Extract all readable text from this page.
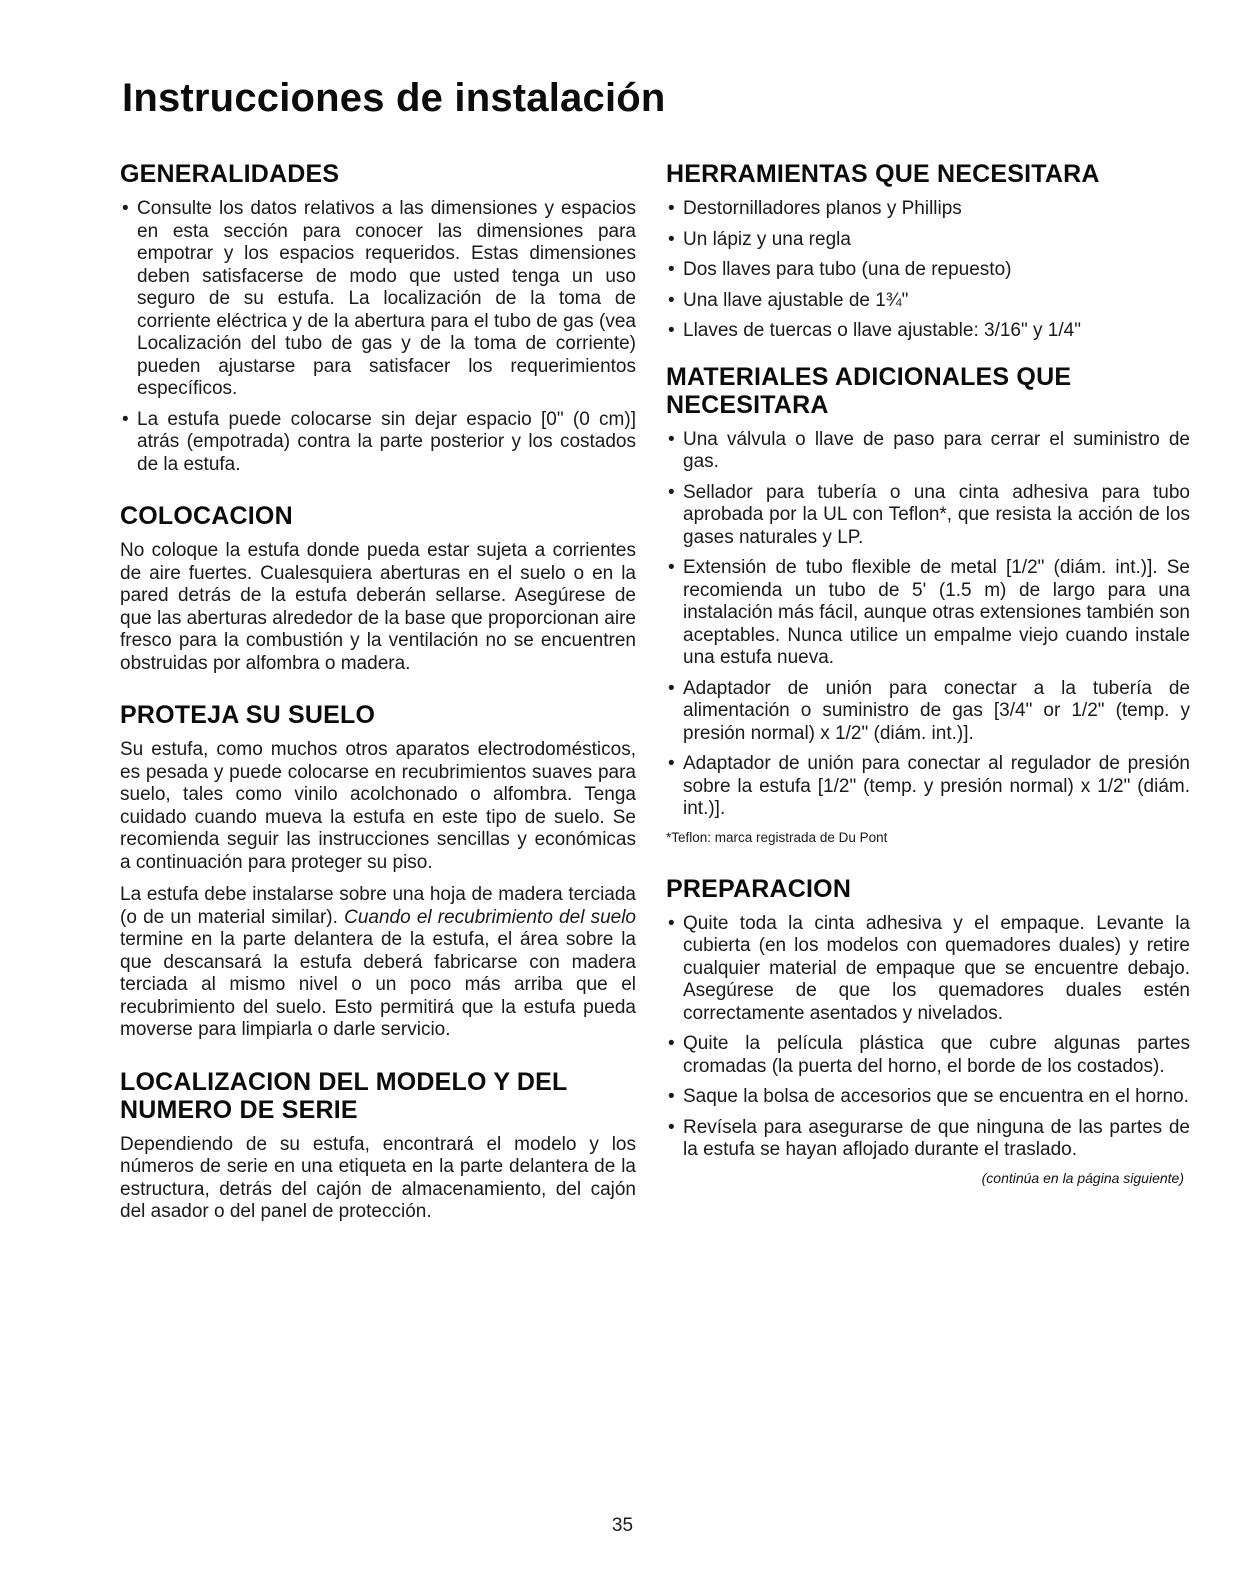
Instrucciones de instalación
GENERALIDADES
• Consulte los datos relativos a las dimensiones y espacios en esta sección para conocer las dimensiones para empotrar y los espacios requeridos. Estas dimensiones deben satisfacerse de modo que usted tenga un uso seguro de su estufa. La localización de la toma de corriente eléctrica y de la abertura para el tubo de gas (vea Localización del tubo de gas y de la toma de corriente) pueden ajustarse para satisfacer los requerimientos específicos.
• La estufa puede colocarse sin dejar espacio [0" (0 cm)] atrás (empotrada) contra la parte posterior y los costados de la estufa.
COLOCACION

No coloque la estufa donde pueda estar sujeta a corrientes de aire fuertes. Cualesquiera aberturas en el suelo o en la pared detrás de la estufa deberán sellarse. Asegúrese de que las aberturas alrededor de la base que proporcionan aire fresco para la combustión y la ventilación no se encuentren obstruidas por alfombra o madera.

PROTEJA SU SUELO

Su estufa, como muchos otros aparatos electrodomésticos, es pesada y puede colocarse en recubrimientos suaves para suelo, tales como vinilo acolchonado o alfombra. Tenga cuidado cuando mueva la estufa en este tipo de suelo. Se recomienda seguir las instrucciones sencillas y económicas a continuación para proteger su piso.

La estufa debe instalarse sobre una hoja de madera terciada (o de un material similar). Cuando el recubrimiento del suelo termine en la parte delantera de la estufa, el área sobre la que descansará la estufa deberá fabricarse con madera terciada al mismo nivel o un poco más arriba que el recubrimiento del suelo. Esto permitirá que la estufa pueda moverse para limpiarla o darle servicio.

LOCALIZACION DEL MODELO Y DEL NUMERO DE SERIE

Dependiendo de su estufa, encontrará el modelo y los números de serie en una etiqueta en la parte delantera de la estructura, detrás del cajón de almacenamiento, del cajón del asador o del panel de protección.

HERRAMIENTAS QUE NECESITARA
• Destornilladores planos y Phillips
• Un lápiz y una regla
• Dos llaves para tubo (una de repuesto)
• Una llave ajustable de 1¾"
• Llaves de tuercas o llave ajustable: 3/16" y 1/4"
MATERIALES ADICIONALES QUE NECESITARA
• Una válvula o llave de paso para cerrar el suministro de gas.
• Sellador para tubería o una cinta adhesiva para tubo aprobada por la UL con Teflon*, que resista la acción de los gases naturales y LP.
• Extensión de tubo flexible de metal [1/2" (diám. int.)]. Se recomienda un tubo de 5' (1.5 m) de largo para una instalación más fácil, aunque otras extensiones también son aceptables. Nunca utilice un empalme viejo cuando instale una estufa nueva.
• Adaptador de unión para conectar a la tubería de alimentación o suministro de gas [3/4" or 1/2" (temp. y presión normal) x 1/2" (diám. int.)].
• Adaptador de unión para conectar al regulador de presión sobre la estufa [1/2" (temp. y presión normal) x 1/2" (diám. int.)].
*Teflon: marca registrada de Du Pont
PREPARACION
• Quite toda la cinta adhesiva y el empaque. Levante la cubierta (en los modelos con quemadores duales) y retire cualquier material de empaque que se encuentre debajo. Asegúrese de que los quemadores duales estén correctamente asentados y nivelados.
• Quite la película plástica que cubre algunas partes cromadas (la puerta del horno, el borde de los costados).
• Saque la bolsa de accesorios que se encuentra en el horno.
• Revísela para asegurarse de que ninguna de las partes de la estufa se hayan aflojado durante el traslado.
(continúa en la página siguiente)
35
